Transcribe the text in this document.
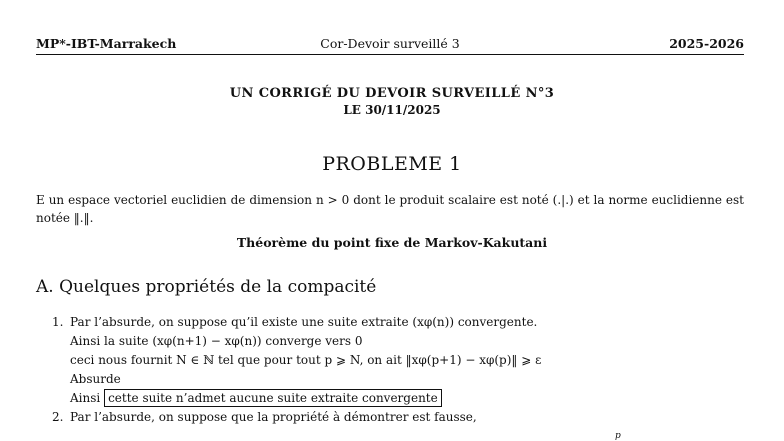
MP*-IBT-Marrakech	Cor-Devoir surveillé 3	2025-2026
UN CORRIGÉ DU DEVOIR SURVEILLÉ N°3
LE 30/11/2025
PROBLEME 1
E un espace vectoriel euclidien de dimension n > 0 dont le produit scalaire est noté (.|.) et la norme euclidienne est notée ‖.‖.
Théorème du point fixe de Markov-Kakutani
A. Quelques propriétés de la compacité
1. Par l’absurde, on suppose qu’il existe une suite extraite (xφ(n)) convergente.
Ainsi la suite (xφ(n+1) − xφ(n)) converge vers 0
ceci nous fournit N ∈ ℕ tel que pour tout p ⩾ N, on ait ‖xφ(p+1) − xφ(p)‖ ⩾ ε
Absurde
Ainsi cette suite n’admet aucune suite extraite convergente
2. Par l’absurde, on suppose que la propriété à démontrer est fausse,
p
